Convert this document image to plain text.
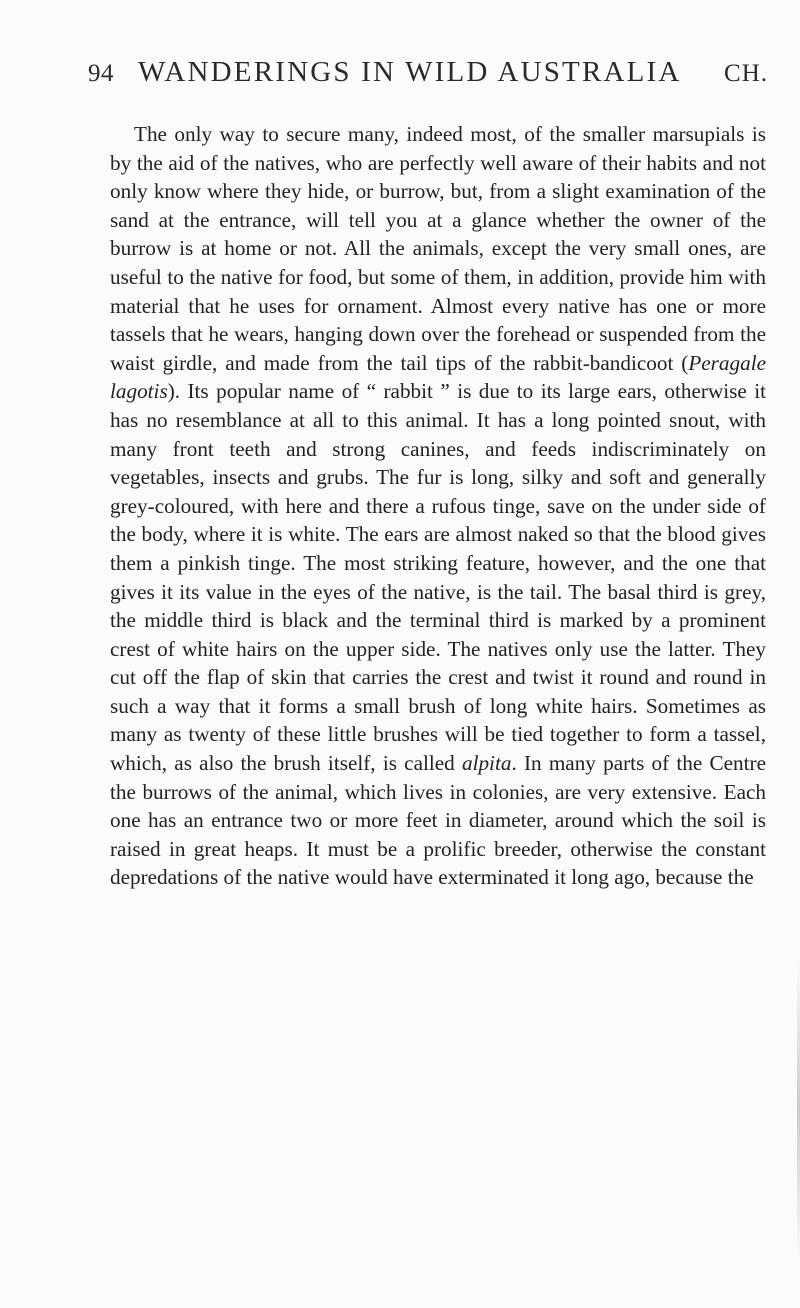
94 WANDERINGS IN WILD AUSTRALIA CH.

The only way to secure many, indeed most, of the smaller marsupials is by the aid of the natives, who are perfectly well aware of their habits and not only know where they hide, or burrow, but, from a slight examination of the sand at the entrance, will tell you at a glance whether the owner of the burrow is at home or not. All the animals, except the very small ones, are useful to the native for food, but some of them, in addition, provide him with material that he uses for ornament. Almost every native has one or more tassels that he wears, hanging down over the forehead or suspended from the waist girdle, and made from the tail tips of the rabbit-bandicoot (Peragale lagotis). Its popular name of “ rabbit ” is due to its large ears, otherwise it has no resemblance at all to this animal. It has a long pointed snout, with many front teeth and strong canines, and feeds indiscriminately on vegetables, insects and grubs. The fur is long, silky and soft and generally grey-coloured, with here and there a rufous tinge, save on the under side of the body, where it is white. The ears are almost naked so that the blood gives them a pinkish tinge. The most striking feature, however, and the one that gives it its value in the eyes of the native, is the tail. The basal third is grey, the middle third is black and the terminal third is marked by a prominent crest of white hairs on the upper side. The natives only use the latter. They cut off the flap of skin that carries the crest and twist it round and round in such a way that it forms a small brush of long white hairs. Sometimes as many as twenty of these little brushes will be tied together to form a tassel, which, as also the brush itself, is called alpita. In many parts of the Centre the burrows of the animal, which lives in colonies, are very extensive. Each one has an entrance two or more feet in diameter, around which the soil is raised in great heaps. It must be a prolific breeder, otherwise the constant depredations of the native would have exterminated it long ago, because the
